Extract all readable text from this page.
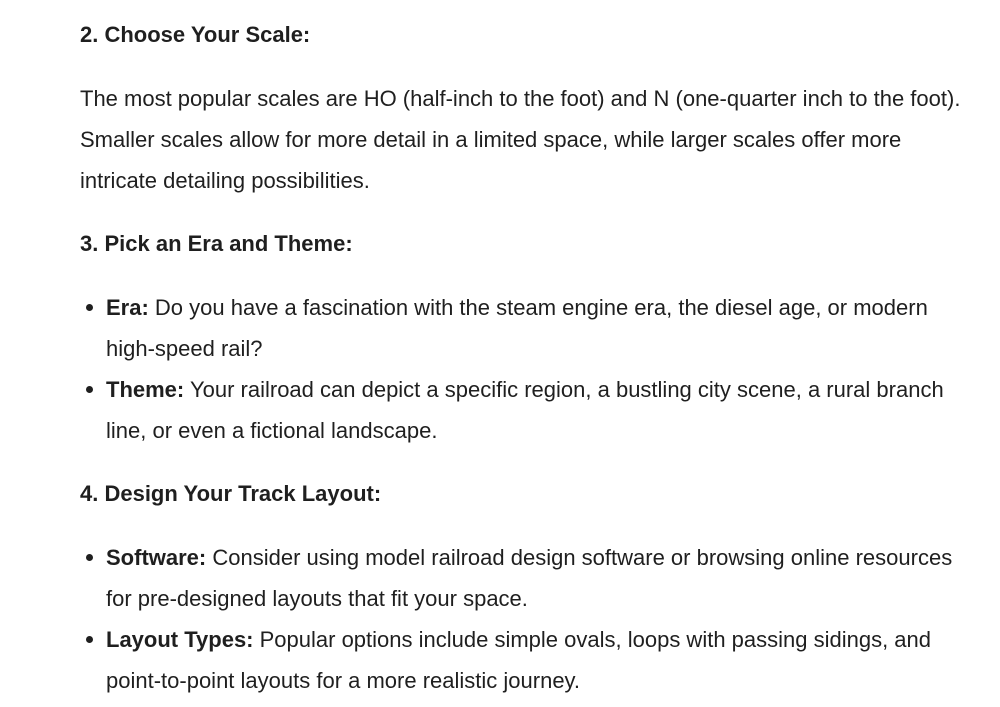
2. Choose Your Scale:

The most popular scales are HO (half-inch to the foot) and N (one-quarter inch to the foot). Smaller scales allow for more detail in a limited space, while larger scales offer more intricate detailing possibilities.

3. Pick an Era and Theme:
Era: Do you have a fascination with the steam engine era, the diesel age, or modern high-speed rail?
Theme: Your railroad can depict a specific region, a bustling city scene, a rural branch line, or even a fictional landscape.
4. Design Your Track Layout:
Software: Consider using model railroad design software or browsing online resources for pre-designed layouts that fit your space.
Layout Types: Popular options include simple ovals, loops with passing sidings, and point-to-point layouts for a more realistic journey.
